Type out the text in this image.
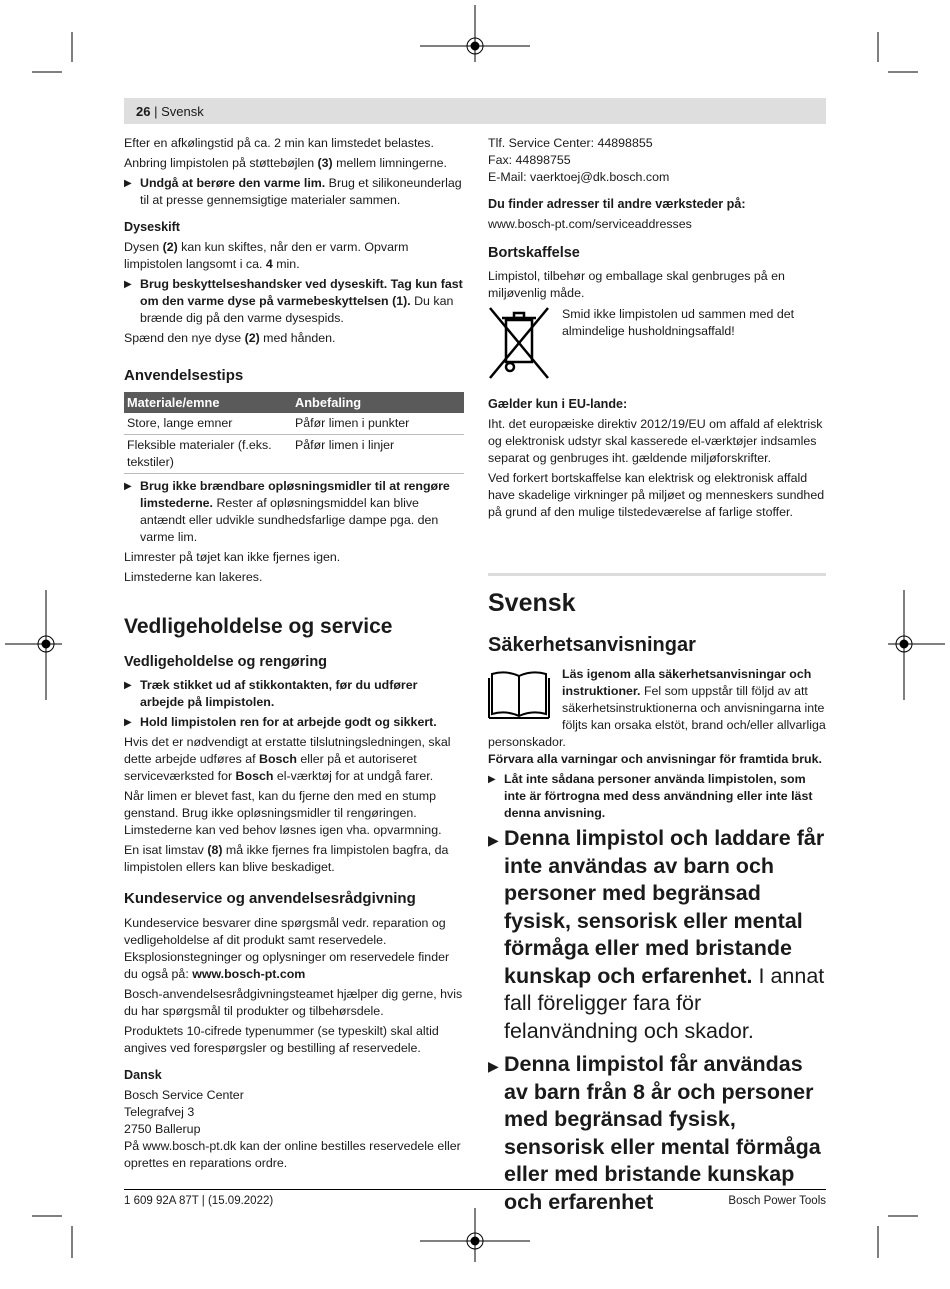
26 | Svensk

Efter en afkølingstid på ca. 2 min kan limstedet belastes.

Anbring limpistolen på støttebøjlen (3) mellem limningerne.

▶ Undgå at berøre den varme lim. Brug et silikoneunderlag til at presse gennemsigtige materialer sammen.
Dyseskift

Dysen (2) kan kun skiftes, når den er varm. Opvarm limpistolen langsomt i ca. 4 min.

▶ Brug beskyttelseshandsker ved dyseskift. Tag kun fast om den varme dyse på varmebeskyttelsen (1). Du kan brænde dig på den varme dysespids.

Spænd den nye dyse (2) med hånden.

Anvendelsestips
Materiale/emne	Anbefaling
Store, lange emner	Påfør limen i punkter
Fleksible materialer (f.eks. tekstiler)	Påfør limen i linjer
▶ Brug ikke brændbare opløsningsmidler til at rengøre limstederne. Rester af opløsningsmiddel kan blive antændt eller udvikle sundhedsfarlige dampe pga. den varme lim.

Limrester på tøjet kan ikke fjernes igen.

Limstederne kan lakeres.

Vedligeholdelse og service
Vedligeholdelse og rengøring
▶ Træk stikket ud af stikkontakten, før du udfører arbejde på limpistolen.
▶ Hold limpistolen ren for at arbejde godt og sikkert.

Hvis det er nødvendigt at erstatte tilslutningsledningen, skal dette arbejde udføres af Bosch eller på et autoriseret serviceværksted for Bosch el-værktøj for at undgå farer.

Når limen er blevet fast, kan du fjerne den med en stump genstand. Brug ikke opløsningsmidler til rengøringen. Limstederne kan ved behov løsnes igen vha. opvarmning.

En isat limstav (8) må ikke fjernes fra limpistolen bagfra, da limpistolen ellers kan blive beskadiget.

Kundeservice og anvendelsesrådgivning

Kundeservice besvarer dine spørgsmål vedr. reparation og vedligeholdelse af dit produkt samt reservedele. Eksplosionstegninger og oplysninger om reservedele finder du også på: www.bosch-pt.com

Bosch-anvendelsesrådgivningsteamet hjælper dig gerne, hvis du har spørgsmål til produkter og tilbehørsdele.

Produktets 10-cifrede typenummer (se typeskilt) skal altid angives ved forespørgsler og bestilling af reservedele.

Dansk
Bosch Service Center
Telegrafvej 3
2750 Ballerup

På www.bosch-pt.dk kan der online bestilles reservedele eller oprettes en reparations ordre.

Tlf. Service Center: 44898855
Fax: 44898755
E-Mail: vaerktoej@dk.bosch.com
Du finder adresser til andre værksteder på:

www.bosch-pt.com/serviceaddresses

Bortskaffelse

Limpistol, tilbehør og emballage skal genbruges på en miljøvenlig måde.

Smid ikke limpistolen ud sammen med det almindelige husholdningsaffald!
Gælder kun i EU-lande:

Iht. det europæiske direktiv 2012/19/EU om affald af elektrisk og elektronisk udstyr skal kasserede el-værktøjer indsamles separat og genbruges iht. gældende miljøforskrifter.

Ved forkert bortskaffelse kan elektrisk og elektronisk affald have skadelige virkninger på miljøet og menneskers sundhed på grund af den mulige tilstedeværelse af farlige stoffer.

Svensk
Säkerhetsanvisningar
Läs igenom alla säkerhetsanvisningar och instruktioner. Fel som uppstår till följd av att säkerhetsinstruktionerna och anvisningarna inte följts kan orsaka elstöt, brand och/eller allvarliga personskador.

Förvara alla varningar och anvisningar för framtida bruk.

▶ Låt inte sådana personer använda limpistolen, som inte är förtrogna med dess användning eller inte läst denna anvisning.
▶ Denna limpistol och laddare får inte användas av barn och personer med begränsad fysisk, sensorisk eller mental förmåga eller med bristande kunskap och erfarenhet. I annat fall föreligger fara för felanvändning och skador.
▶ Denna limpistol får användas av barn från 8 år och personer med begränsad fysisk, sensorisk eller mental förmåga eller med bristande kunskap och erfarenhet
1 609 92A 87T | (15.09.2022)	Bosch Power Tools
